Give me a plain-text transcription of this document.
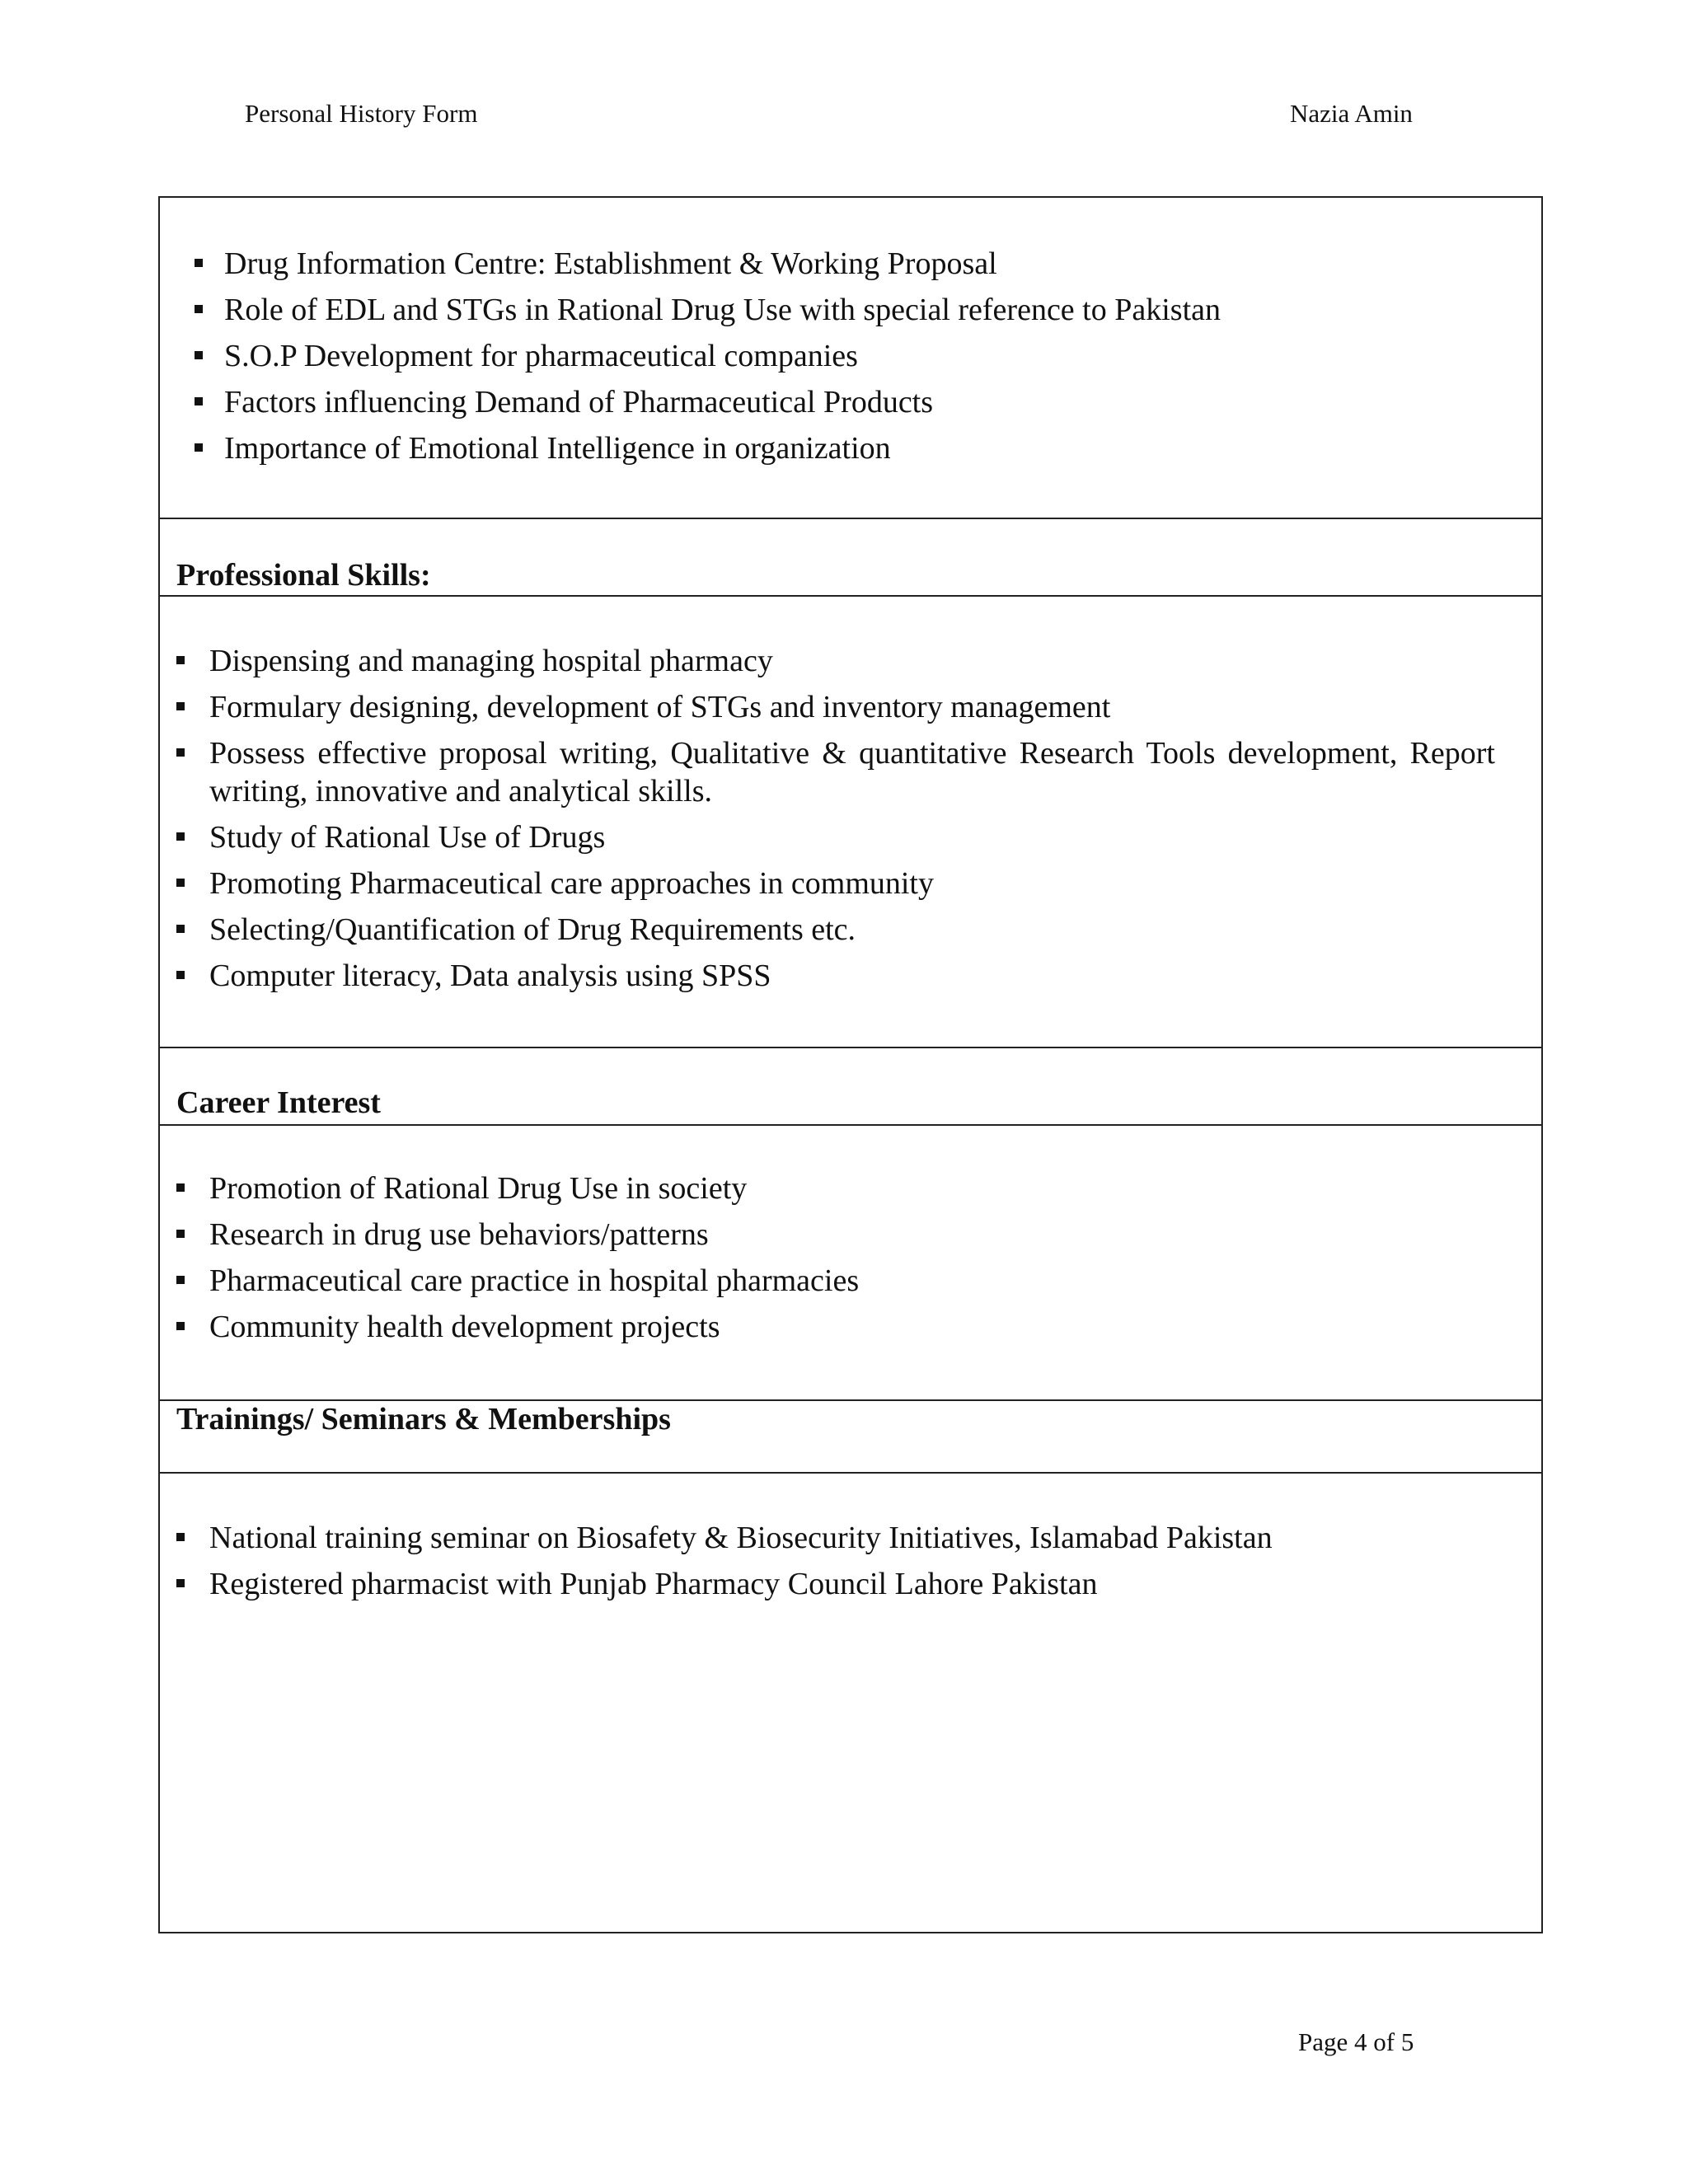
Personal History Form	Nazia Amin
Drug Information Centre: Establishment & Working Proposal
Role of EDL and STGs in Rational Drug Use with special reference to Pakistan
S.O.P Development for pharmaceutical companies
Factors influencing Demand of Pharmaceutical Products
Importance of Emotional Intelligence in organization
Professional Skills:
Dispensing and managing hospital pharmacy
Formulary designing, development of STGs and inventory management
Possess effective proposal writing, Qualitative & quantitative Research Tools development, Report writing, innovative and analytical skills.
Study of Rational Use of Drugs
Promoting Pharmaceutical care approaches in community
Selecting/Quantification of Drug Requirements etc.
Computer literacy, Data analysis using SPSS
Career Interest
Promotion of Rational Drug Use in society
Research in drug use behaviors/patterns
Pharmaceutical care practice in hospital pharmacies
Community health development projects
Trainings/ Seminars & Memberships
National training seminar on Biosafety & Biosecurity Initiatives, Islamabad Pakistan
Registered pharmacist with Punjab Pharmacy Council Lahore Pakistan
Page 4 of 5
